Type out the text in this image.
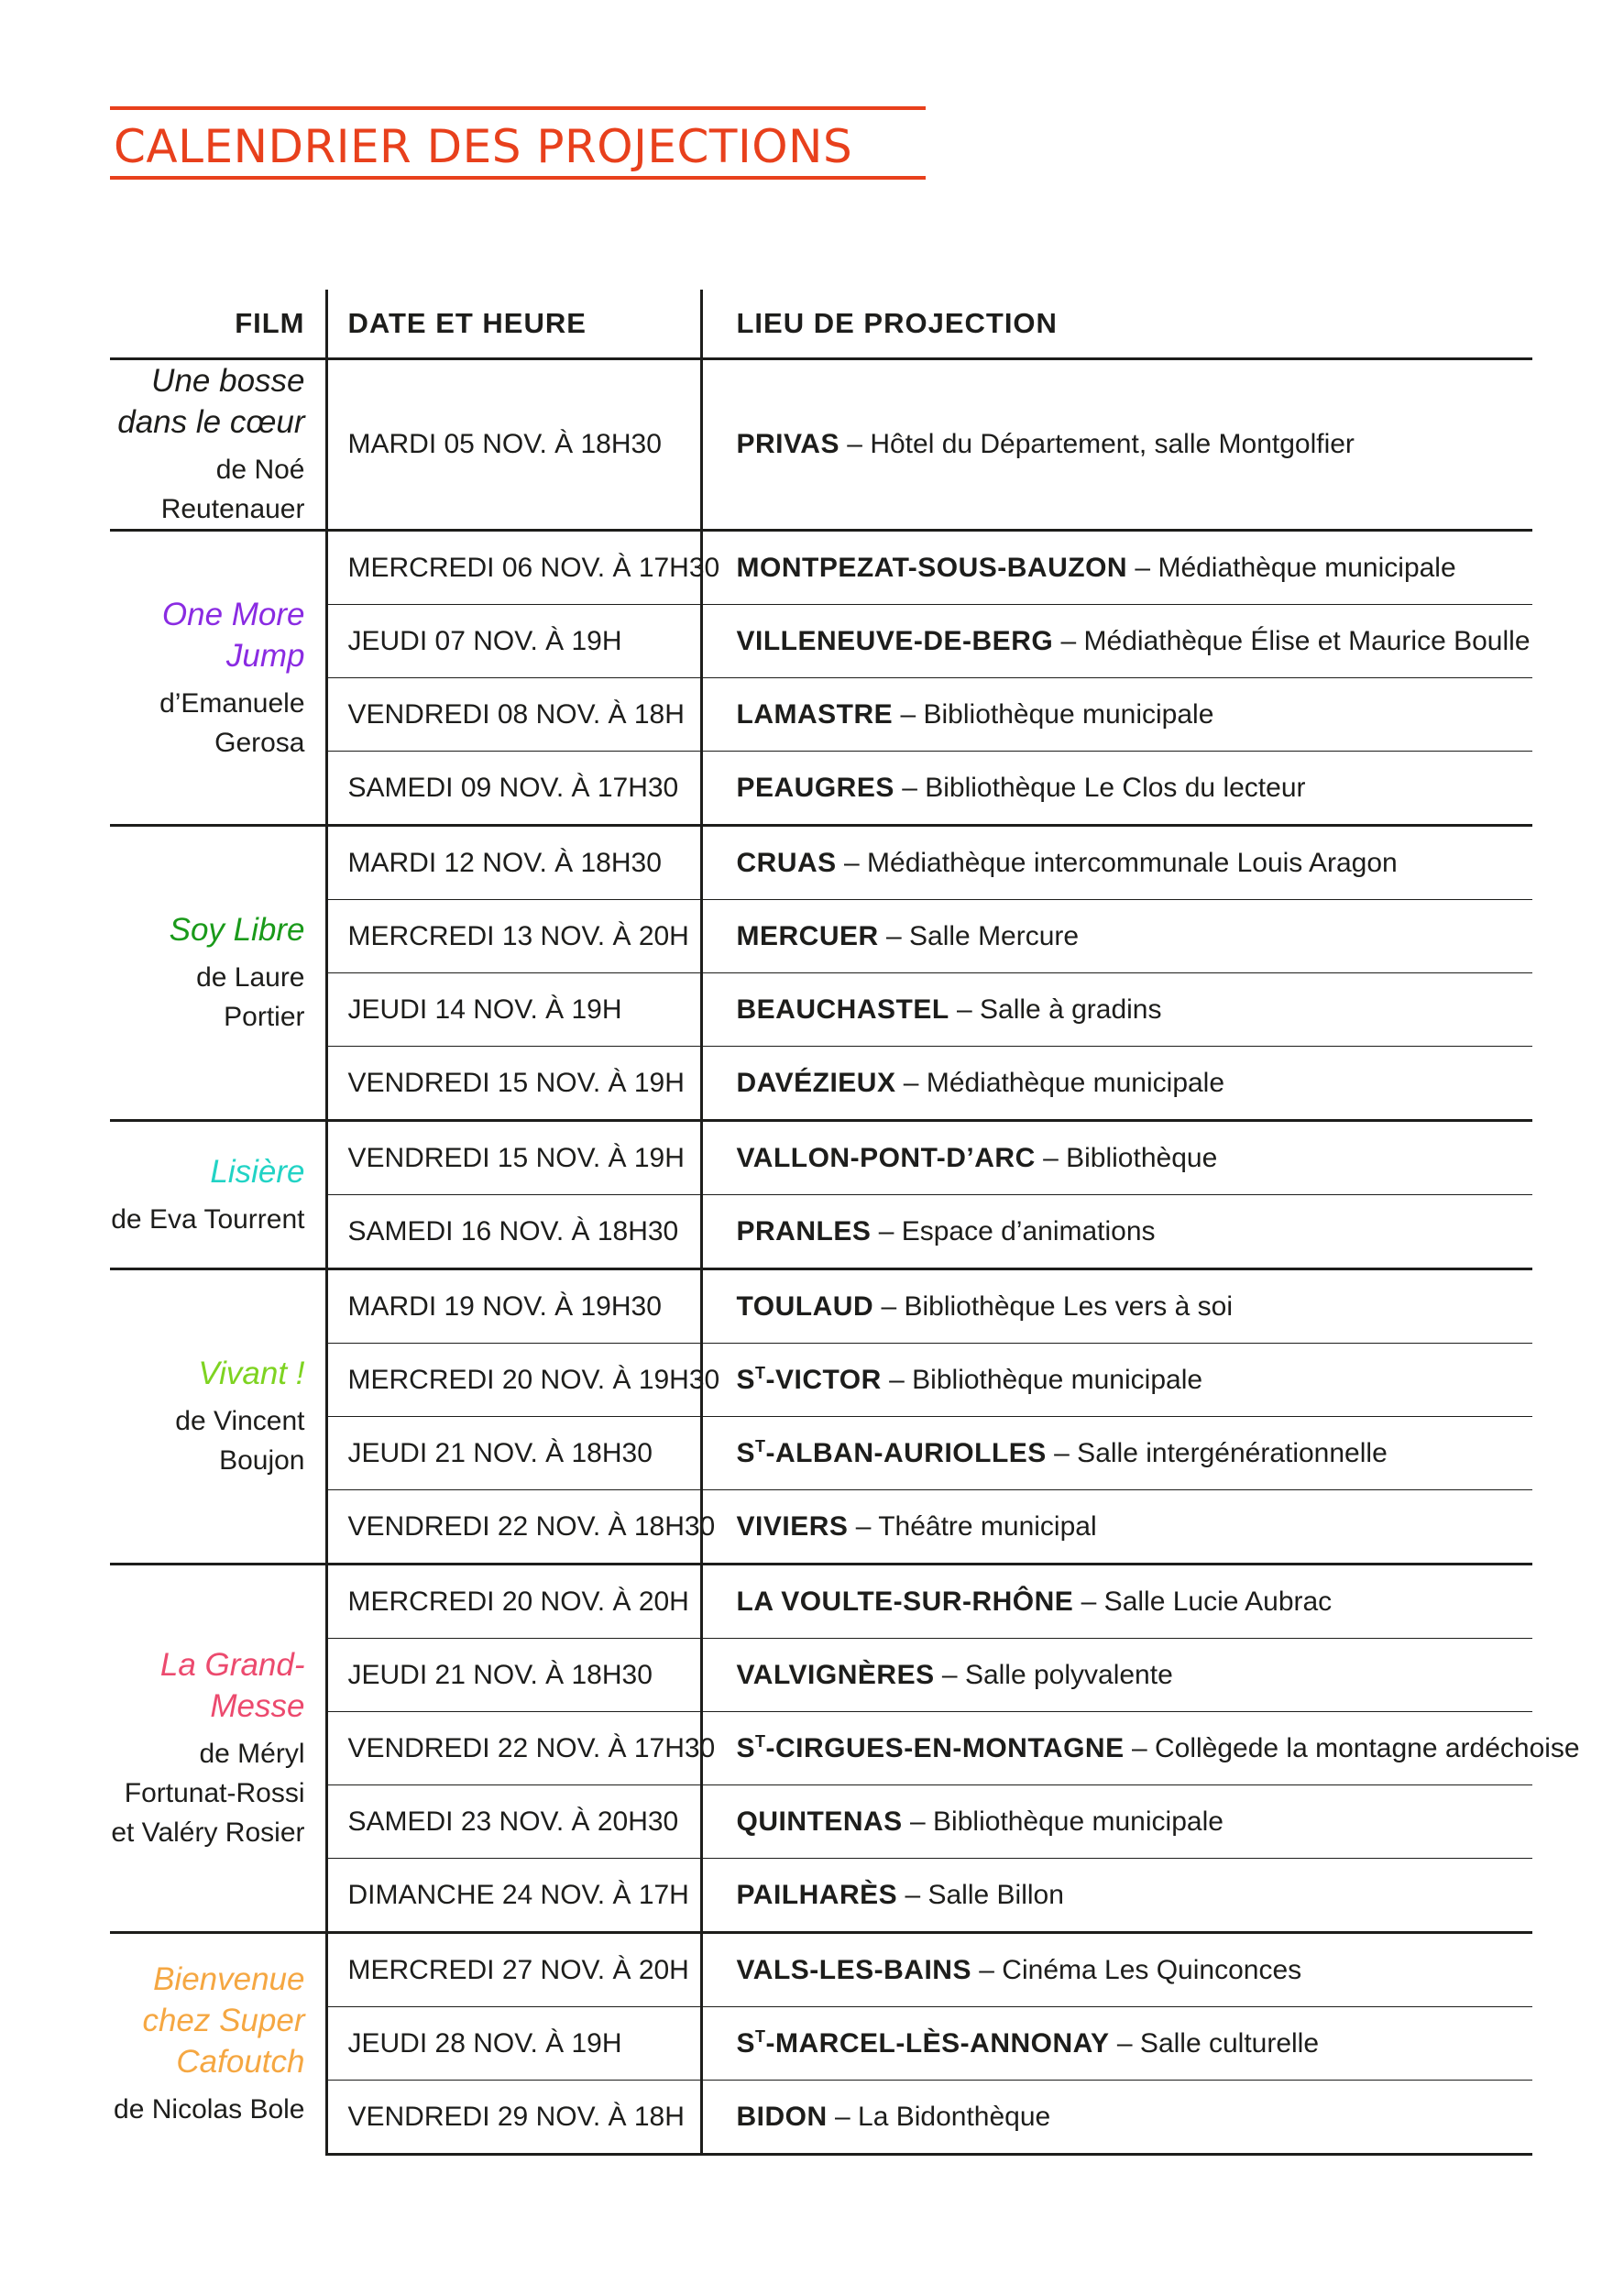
CALENDRIER DES PROJECTIONS
FILM	DATE ET HEURE	LIEU DE PROJECTION

Une bosse dans le cœur
de Noé Reutenauer	MARDI 05 NOV. À 18H30	PRIVAS – Hôtel du Département, salle Montgolfier

One More Jump
d’Emanuele Gerosa	MERCREDI 06 NOV. À 17H30	MONTPEZAT-SOUS-BAUZON – Médiathèque municipale
	JEUDI 07 NOV. À 19H	VILLENEUVE-DE-BERG – Médiathèque Élise et Maurice Boulle
	VENDREDI 08 NOV. À 18H	LAMASTRE – Bibliothèque municipale
	SAMEDI 09 NOV. À 17H30	PEAUGRES – Bibliothèque Le Clos du lecteur

Soy Libre
de Laure Portier	MARDI 12 NOV. À 18H30	CRUAS – Médiathèque intercommunale Louis Aragon
	MERCREDI 13 NOV. À 20H	MERCUER – Salle Mercure
	JEUDI 14 NOV. À 19H	BEAUCHASTEL – Salle à gradins
	VENDREDI 15 NOV. À 19H	DAVÉZIEUX – Médiathèque municipale

Lisière
de Eva Tourrent	VENDREDI 15 NOV. À 19H	VALLON-PONT-D’ARC – Bibliothèque
	SAMEDI 16 NOV. À 18H30	PRANLES – Espace d’animations

Vivant !
de Vincent Boujon	MARDI 19 NOV. À 19H30	TOULAUD – Bibliothèque Les vers à soi
	MERCREDI 20 NOV. À 19H30	$S^T$-VICTOR – Bibliothèque municipale
	JEUDI 21 NOV. À 18H30	$S^T-ALBAN$-AURIOLLES – Salle intergénérationnelle
	VENDREDI 22 NOV. À 18H30	VIVIERS – Théâtre municipal

La Grand-Messe
de Méryl Fortunat-Rossi et Valéry Rosier	MERCREDI 20 NOV. À 20H	LA VOULTE-SUR-RHÔNE – Salle Lucie Aubrac
	JEUDI 21 NOV. À 18H30	VALVIGNÈRES – Salle polyvalente
	VENDREDI 22 NOV. À 17H30	$S^T-CIRGUES-EN$-MONTAGNE – Collègede la montagne ardéchoise
	SAMEDI 23 NOV. À 20H30	QUINTENAS – Bibliothèque municipale
	DIMANCHE 24 NOV. À 17H	PAILHARÈS – Salle Billon

Bienvenue chez Super Cafoutch
de Nicolas Bole	MERCREDI 27 NOV. À 20H	VALS-LES-BAINS – Cinéma Les Quinconces
	JEUDI 28 NOV. À 19H	$S^T-MARCEL-LÈS$-ANNONAY – Salle culturelle
	VENDREDI 29 NOV. À 18H	BIDON – La Bidonthèque
